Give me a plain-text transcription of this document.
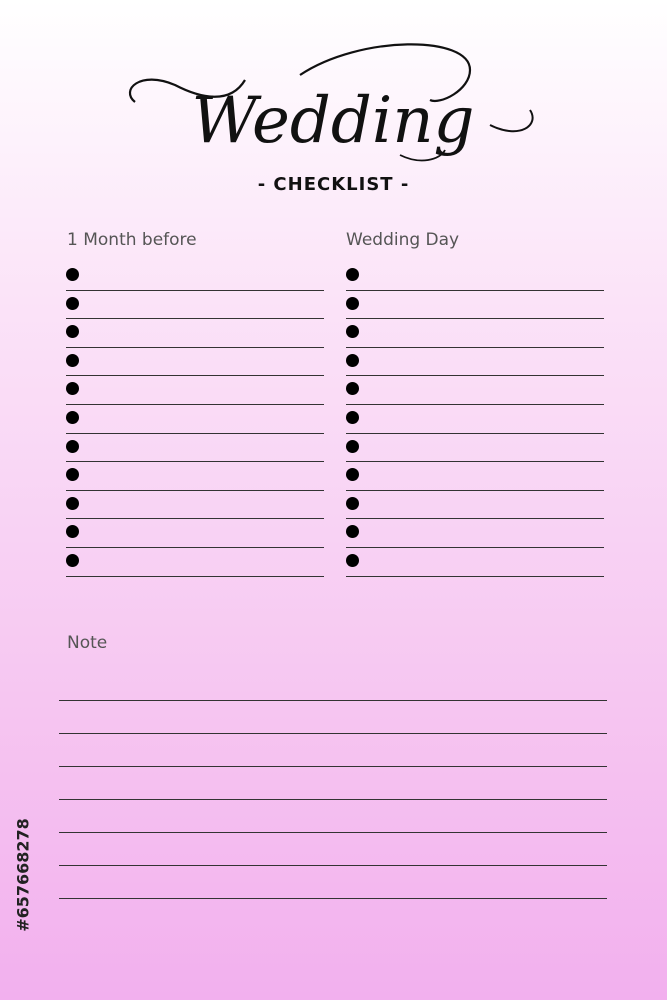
Wedding
- CHECKLIST -
1 Month before	Wedding Day
Note
#657668278
